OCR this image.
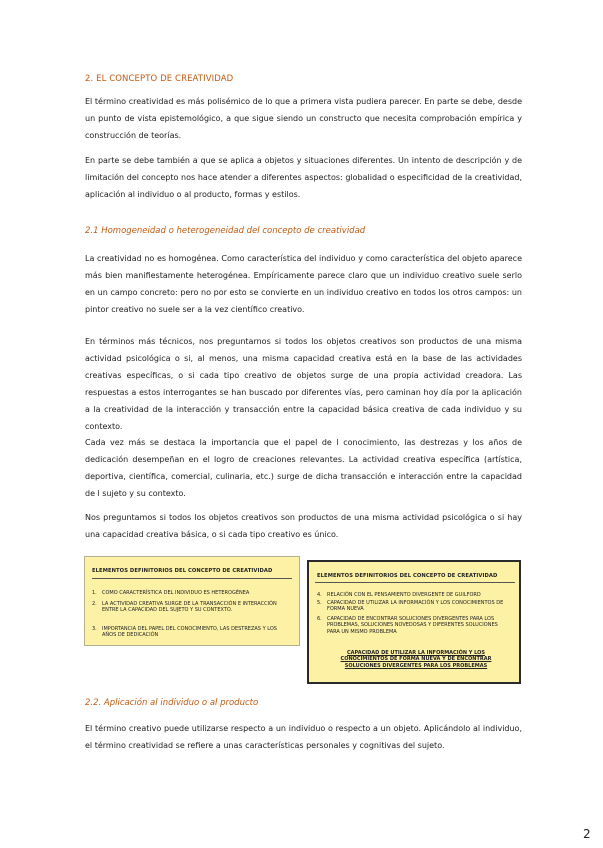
2. EL CONCEPTO DE CREATIVIDAD

El término creatividad es más polisémico de lo que a primera vista pudiera parecer. En parte se debe, desde un punto de vista epistemológico, a que sigue siendo un constructo que necesita comprobación empírica y construcción de teorías.

En parte se debe también a que se aplica a objetos y situaciones diferentes. Un intento de descripción y de limitación del concepto nos hace atender a diferentes aspectos: globalidad o especificidad de la creatividad, aplicación al individuo o al producto, formas y estilos.

2.1 Homogeneidad o heterogeneidad del concepto de creatividad

La creatividad no es homogénea. Como característica del individuo y como característica del objeto aparece más bien manifiestamente heterogénea. Empíricamente parece claro que un individuo creativo suele serlo en un campo concreto: pero no por esto se convierte en un individuo creativo en todos los otros campos: un pintor creativo no suele ser a la vez científico creativo.

En términos más técnicos, nos preguntarnos si todos los objetos creativos son productos de una misma actividad psicológica o si, al menos, una misma capacidad creativa está en la base de las actividades creativas específicas, o si cada tipo creativo de objetos surge de una propia actividad creadora. Las respuestas a estos interrogantes se han buscado por diferentes vías, pero caminan hoy día por la aplicación a la creatividad de la interacción y transacción entre la capacidad básica creativa de cada individuo y su contexto.

Cada vez más se destaca la importancia que el papel de l conocimiento, las destrezas y los años de dedicación desempeñan en el logro de creaciones relevantes. La actividad creativa específica (artística, deportiva, científica, comercial, culinaria, etc.) surge de dicha transacción e interacción entre la capacidad de l sujeto y su contexto.

Nos preguntamos si todos los objetos creativos son productos de una misma actividad psicológica o si hay una capacidad creativa básica, o si cada tipo creativo es único.

ELEMENTOS DEFINITORIOS DEL CONCEPTO DE CREATIVIDAD
1. COMO CARACTERÍSTICA DEL INDIVIDUO ES HETEROGÉNEA
2. LA ACTIVIDAD CREATIVA SURGE DE LA TRANSACCIÓN E INTERACCIÓN ENTRE LA CAPACIDAD DEL SUJETO Y SU CONTEXTO.
3. IMPORTANCIA DEL PAPEL DEL CONOCIMIENTO, LAS DESTREZAS Y LOS AÑOS DE DEDICACIÓN
ELEMENTOS DEFINITORIOS DEL CONCEPTO DE CREATIVIDAD
4. RELACIÓN CON EL PENSAMIENTO DIVERGENTE DE GUILFORD
5. CAPACIDAD DE UTILIZAR LA INFORMACIÓN Y LOS CONOCIMIENTOS DE FORMA NUEVA
6. CAPACIDAD DE ENCONTRAR SOLUCIONES DIVERGENTES PARA LOS PROBLEMAS, SOLUCIONES NOVEDOSAS Y DIFERENTES SOLUCIONES PARA UN MISMO PROBLEMA
CAPACIDAD DE UTILIZAR LA INFORMACIÓN Y LOS CONOCIMIENTOS DE FORMA NUEVA Y DE ENCONTRAR SOLUCIONES DIVERGENTES PARA LOS PROBLEMAS
2.2. Aplicación al individuo o al producto

El término creativo puede utilizarse respecto a un individuo o respecto a un objeto. Aplicándolo al individuo, el término creatividad se refiere a unas características personales y cognitivas del sujeto.

2
